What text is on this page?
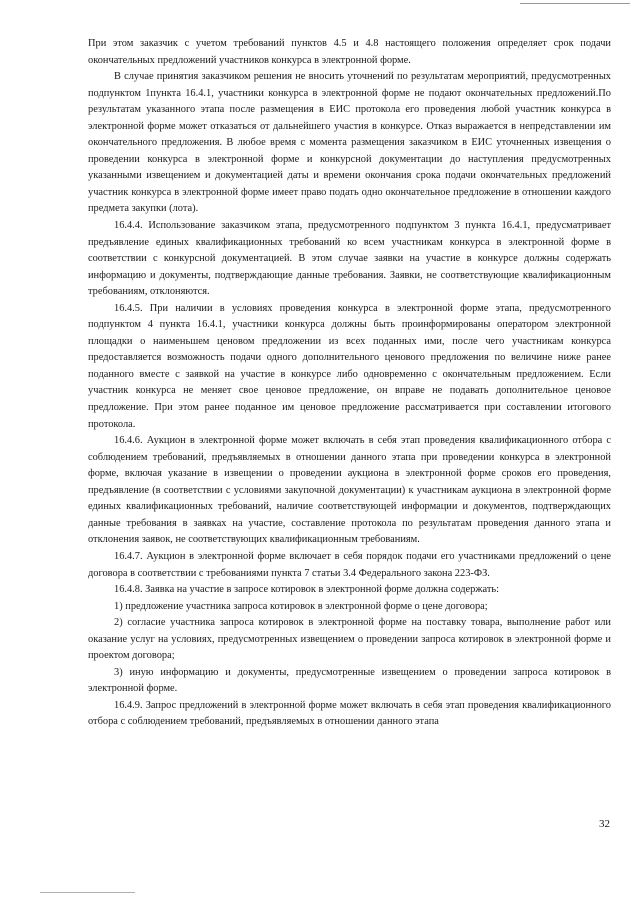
При этом заказчик с учетом требований пунктов 4.5 и 4.8 настоящего положения определяет срок подачи окончательных предложений участников конкурса в электронной форме.

В случае принятия заказчиком решения не вносить уточнений по результатам мероприятий, предусмотренных подпунктом 1пункта 16.4.1, участники конкурса в электронной форме не подают окончательных предложений.По результатам указанного этапа после размещения в ЕИС протокола его проведения любой участник конкурса в электронной форме может отказаться от дальнейшего участия в конкурсе. Отказ выражается в непредставлении им окончательного предложения. В любое время с момента размещения заказчиком в ЕИС уточненных извещения о проведении конкурса в электронной форме и конкурсной документации до наступления предусмотренных указанными извещением и документацией даты и времени окончания срока подачи окончательных предложений участник конкурса в электронной форме имеет право подать одно окончательное предложение в отношении каждого предмета закупки (лота).

16.4.4. Использование заказчиком этапа, предусмотренного подпунктом 3 пункта 16.4.1, предусматривает предъявление единых квалификационных требований ко всем участникам конкурса в электронной форме в соответствии с конкурсной документацией. В этом случае заявки на участие в конкурсе должны содержать информацию и документы, подтверждающие данные требования. Заявки, не соответствующие квалификационным требованиям, отклоняются.

16.4.5. При наличии в условиях проведения конкурса в электронной форме этапа, предусмотренного подпунктом 4 пункта 16.4.1, участники конкурса должны быть проинформированы оператором электронной площадки о наименьшем ценовом предложении из всех поданных ими, после чего участникам конкурса предоставляется возможность подачи одного дополнительного ценового предложения по величине ниже ранее поданного вместе с заявкой на участие в конкурсе либо одновременно с окончательным предложением. Если участник конкурса не меняет свое ценовое предложение, он вправе не подавать дополнительное ценовое предложение. При этом ранее поданное им ценовое предложение рассматривается при составлении итогового протокола.

16.4.6. Аукцион в электронной форме может включать в себя этап проведения квалификационного отбора с соблюдением требований, предъявляемых в отношении данного этапа при проведении конкурса в электронной форме, включая указание в извещении о проведении аукциона в электронной форме сроков его проведения, предъявление (в соответствии с условиями закупочной документации) к участникам аукциона в электронной форме единых квалификационных требований, наличие соответствующей информации и документов, подтверждающих данные требования в заявках на участие, составление протокола по результатам проведения данного этапа и отклонения заявок, не соответствующих квалификационным требованиям.

16.4.7. Аукцион в электронной форме включает в себя порядок подачи его участниками предложений о цене договора в соответствии с требованиями пункта 7 статьи 3.4 Федерального закона 223-ФЗ.

16.4.8. Заявка на участие в запросе котировок в электронной форме должна содержать:

1) предложение участника запроса котировок в электронной форме о цене договора;

2) согласие участника запроса котировок в электронной форме на поставку товара, выполнение работ или оказание услуг на условиях, предусмотренных извещением о проведении запроса котировок в электронной форме и проектом договора;

3) иную информацию и документы, предусмотренные извещением о проведении запроса котировок в электронной форме.

16.4.9. Запрос предложений в электронной форме может включать в себя этап проведения квалификационного отбора с соблюдением требований, предъявляемых в отношении данного этапа

32
